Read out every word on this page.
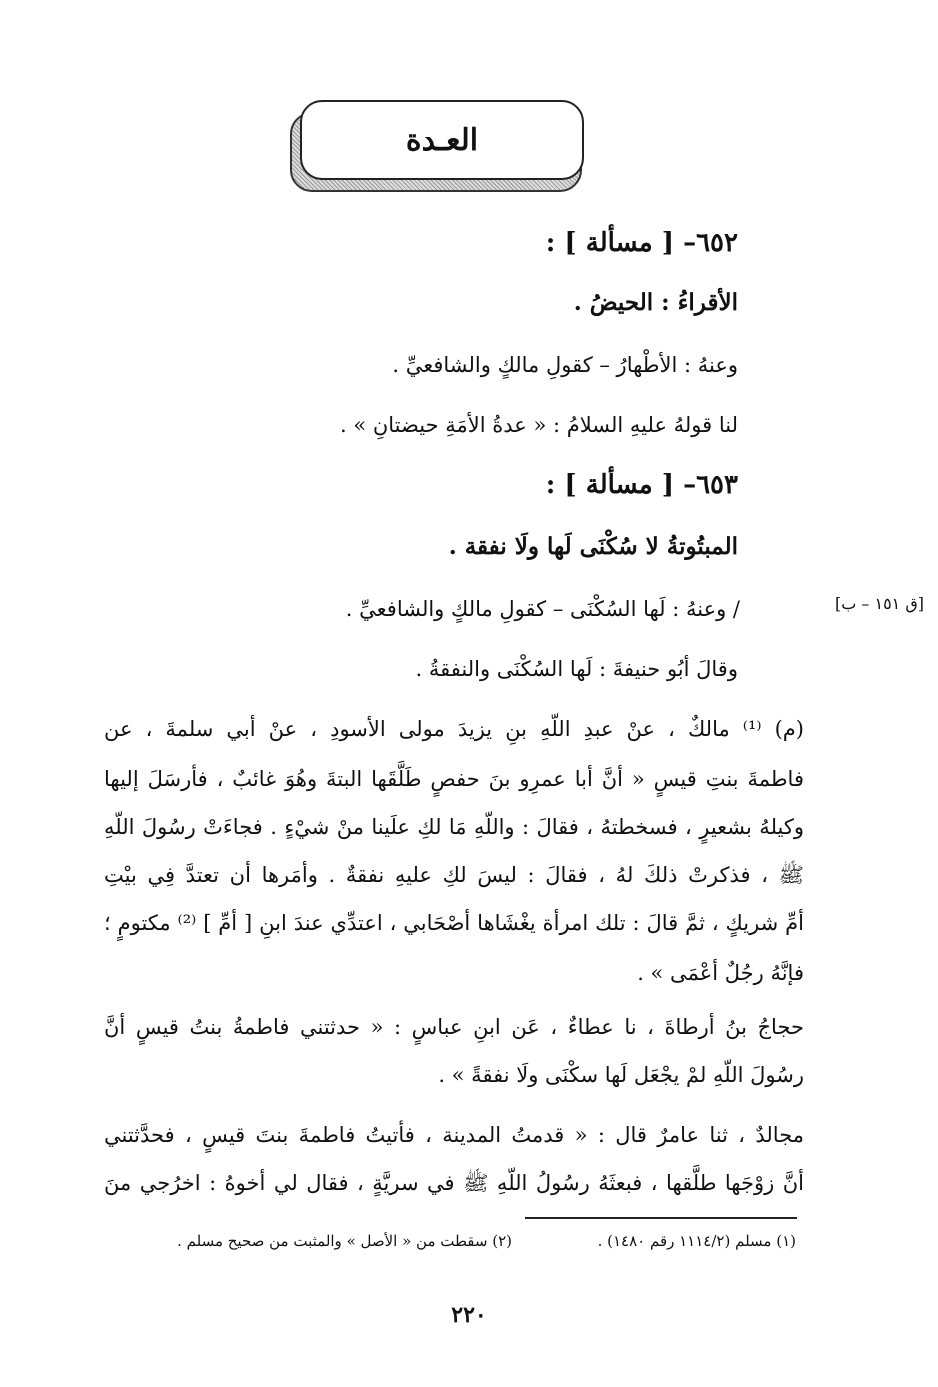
العـدة
٦٥٢– [ مسألة ] :
الأقراءُ : الحيضُ .
وعنهُ : الأطْهارُ – كقولِ مالكٍ والشافعيِّ .
لنا قولهُ عليهِ السلامُ : « عدةُ الأمَةِ حيضتانِ » .
٦٥٣– [ مسألة ] :
المبتُوتةُ لا سُكْنَى لَها ولَا نفقة .
/ وعنهُ : لَها السُكْنَى – كقولِ مالكٍ والشافعيِّ .	[ق ١٥١ – ب]
وقالَ أبُو حنيفةَ : لَها السُكْنَى والنفقةُ .
(م) ⁽¹⁾ مالكٌ ، عنْ عبدِ اللّهِ بنِ يزيدَ مولى الأسودِ ، عنْ أبي سلمةَ ، عن
فاطمةَ بنتِ قيسٍ « أنَّ أبا عمرِو بنَ حفصٍ طَلَّقَها البتةَ وهُوَ غائبٌ ، فأرسَلَ إليها
وكيلهُ بشعيرٍ ، فسخطتهُ ، فقالَ : واللّهِ مَا لكِ علَينا منْ شيْءٍ . فجاءَتْ رسُولَ اللّهِ
ﷺ ، فذكرتْ ذلكَ لهُ ، فقالَ : ليسَ لكِ عليهِ نفقةٌ . وأمَرها أن تعتدَّ فِي بيْتِ
أمِّ شريكٍ ، ثمَّ قالَ : تلك امرأة يغْشَاها أصْحَابي ، اعتدِّي عندَ ابنِ [ أمِّ ] ⁽²⁾ مكتومٍ ؛
فإنَّهُ رجُلٌ أعْمَى » .
حجاجُ بنُ أرطاةَ ، نا عطاءٌ ، عَن ابنِ عباسٍ : « حدثتني فاطمةُ بنتُ قيسٍ أنَّ
رسُولَ اللّهِ لمْ يجْعَل لَها سكْنَى ولَا نفقةً » .
مجالدٌ ، ثنا عامرٌ قال : « قدمتُ المدينة ، فأتيتُ فاطمةَ بنتَ قيسٍ ، فحدَّثتني
أنَّ زوْجَها طلَّقها ، فبعثَهُ رسُولُ اللّهِ ﷺ في سريَّةٍ ، فقال لي أخوهُ : اخرُجي منَ
(١) مسلم (١١١٤/٢ رقم ١٤٨٠) .
(٢) سقطت من « الأصل » والمثبت من صحيح مسلم .
٢٢٠
